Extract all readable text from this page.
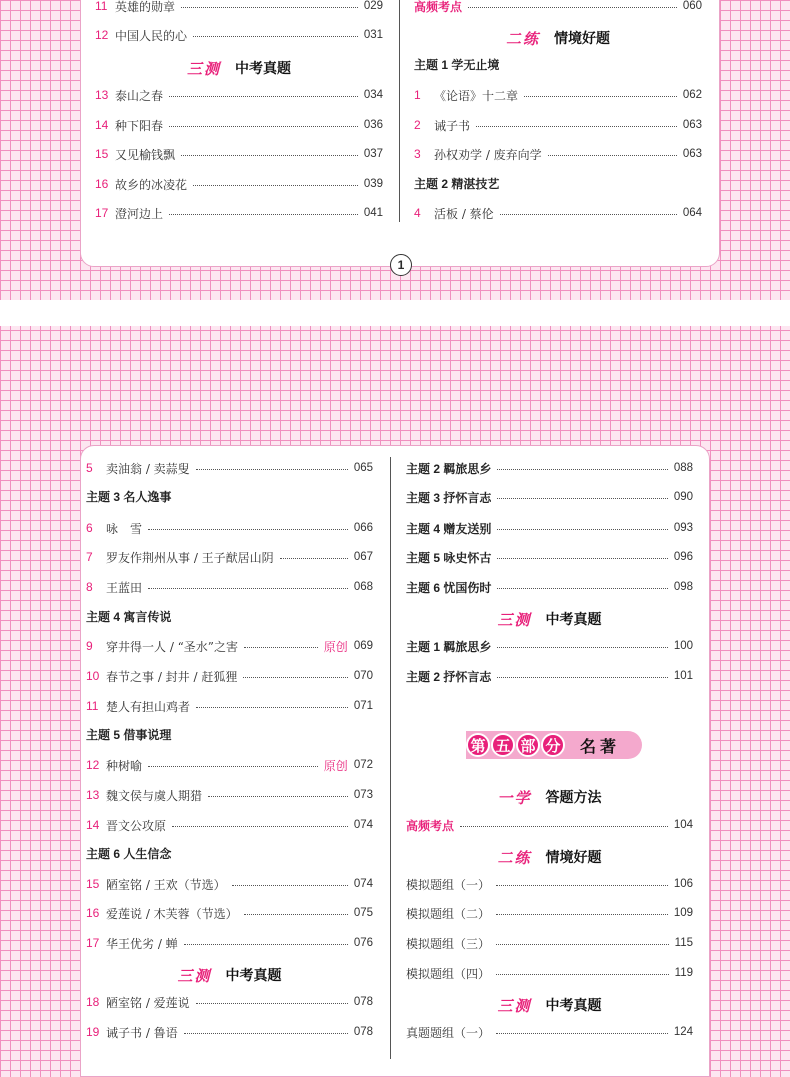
11 英雄的勋章	029
12 中国人民的心	031
三测 中考真题
13 泰山之春	034
14 种下阳春	036
15 又见榆钱飘	037
16 故乡的冰凌花	039
17 澄河边上	041
高频考点	060
二练 情境好题
主题 1 学无止境
1	《论语》十二章	062
2	诫子书	063
3	孙权劝学 / 废弃向学	063
主题 2 精湛技艺
4	活板 / 蔡伦	064
5	卖油翁 / 卖蒜叟	065
主题 3 名人逸事
6	咏　雪	066
7	罗友作荆州从事 / 王子猷居山阴	067
8	王蓝田	068
主题 4 寓言传说
9	穿井得一人 / “圣水”之害	原创 069
10 春节之事 / 封井 / 赶狐狸	070
11 楚人有担山鸡者	071
主题 5 借事说理
12 种树喻	原创 072
13 魏文侯与虞人期猎	073
14 晋文公攻原	074
主题 6 人生信念
15 陋室铭 / 王欢（节选）	074
16 爱莲说 / 木芙蓉（节选）	075
17 华王优劣 / 蝉	076
三测 中考真题
18 陋室铭 / 爱莲说	078
19 诫子书 / 鲁语	078
主题 2 羁旅思乡	088
主题 3 抒怀言志	090
主题 4 赠友送别	093
主题 5 咏史怀古	096
主题 6 忧国伤时	098
三测 中考真题
主题 1 羁旅思乡	100
主题 2 抒怀言志	101
一学 答题方法
高频考点	104
二练 情境好题
模拟题组（一）	106
模拟题组（二）	109
模拟题组（三）	115
模拟题组（四）	119
三测 中考真题
真题题组（一）	124
1
第 五 部 分 名著
